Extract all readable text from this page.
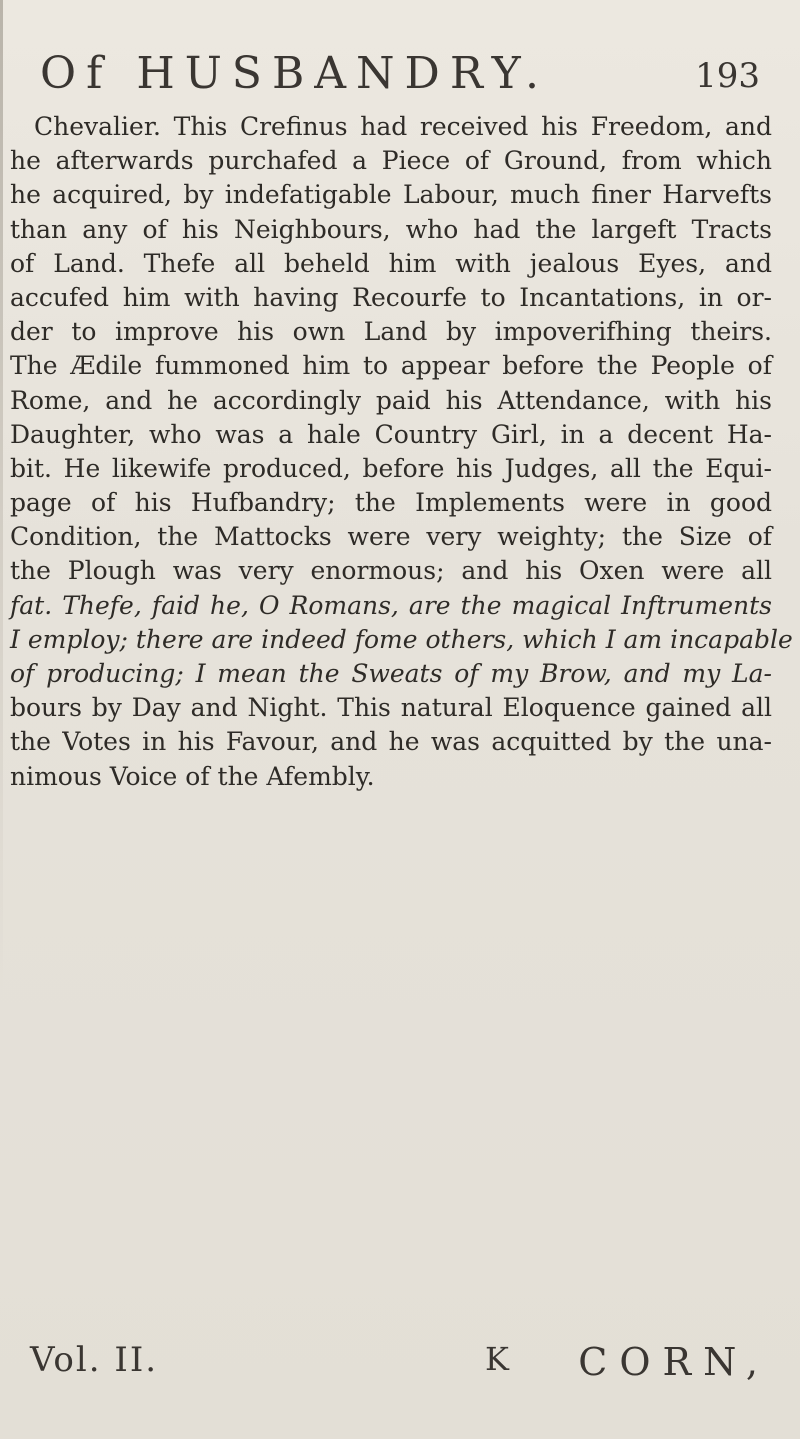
Of HUSBANDRY.	193
Chevalier. This Crefinus had received his Freedom, and
he afterwards purchafed a Piece of Ground, from which
he acquired, by indefatigable Labour, much finer Harvefts
than any of his Neighbours, who had the largeft Tracts
of Land. Thefe all beheld him with jealous Eyes, and
accufed him with having Recourfe to Incantations, in or-
der to improve his own Land by impoverifhing theirs.
The Ædile fummoned him to appear before the People of
Rome, and he accordingly paid his Attendance, with his
Daughter, who was a hale Country Girl, in a decent Ha-
bit. He likewife produced, before his Judges, all the Equi-
page of his Hufbandry; the Implements were in good
Condition, the Mattocks were very weighty; the Size of
the Plough was very enormous; and his Oxen were all
fat. Thefe, faid he, O Romans, are the magical Inftruments
I employ; there are indeed fome others, which I am incapable
of producing; I mean the Sweats of my Brow, and my La-
bours by Day and Night. This natural Eloquence gained all
the Votes in his Favour, and he was acquitted by the una-
nimous Voice of the Afembly.
Vol. II.	K CORN,
